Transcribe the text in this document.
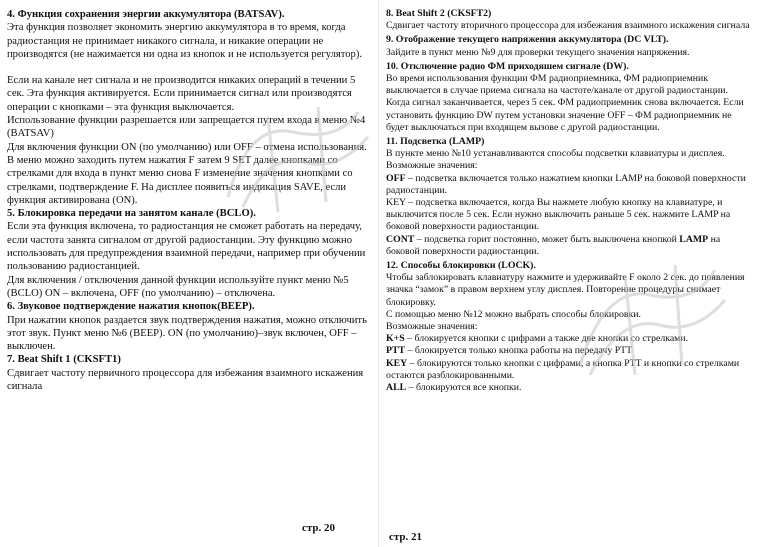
4. Функция сохранения энергии аккумулятора (BATSAV).

Эта функция позволяет экономить энергию аккумулятора в то время, когда радиостанция не принимает никакого сигнала, и никакие операции не производятся (не нажимается ни одна из кнопок и не используется регулятор).

Если на канале нет сигнала и не производится никаких операций в течении 5 сек. Эта функция активируется. Если принимается сигнал или производятся операции с кнопками – эта функция выключается.

Использование функции разрешается или запрещается путем входа в меню №4 (BATSAV)

Для включения функции ON (по умолчанию) или OFF – отмена использования.

В меню можно заходить путем нажатия F затем 9 SET далее кнопками со стрелками для входа в пункт меню снова F изменение значения кнопками со стрелками, подтверждение F. На дисплее появиться индикация SAVE, если функция активирована (ON).

5. Блокировка передачи на занятом канале (BCLO).

Если эта функция включена, то радиостанция не сможет работать на передачу, если частота занята сигналом от другой радиостанции. Эту функцию можно использовать для предупреждения взаимной передачи, например при обучении пользованию радиостанцией.

Для включения / отключения данной функции используйте пункт меню №5 (BCLO) ON – включена, OFF (по умолчанию) – отключена.

6. Звуковое подтверждение нажатия кнопок(BEEP).

При нажатии кнопок раздается звук подтверждения нажатия, можно отключить этот звук. Пункт меню №6 (BEEP). ON (по умолчанию)–звук включен, OFF – выключен.

7. Beat Shift 1 (CKSFT1)

Сдвигает частоту первичного процессора для избежания взаимного искажения сигнала

стр. 20
8. Beat Shift 2 (CKSFT2)

Сдвигает частоту вторичного процессора для избежания взаимного искажения сигнала

9. Отображение текущего напряжения аккумулятора (DC VLT).

Зайдите в пункт меню №9 для проверки текущего значения напряжения.

10. Отключение радио ФМ приходяшем сигнале (DW).

Во время использования функции ФМ радиоприемника, ФМ радиоприемник выключается в случае приема сигнала на частоте/канале от другой радиостанции. Когда сигнал заканчивается, через 5 сек. ФМ радиоприемник снова включается. Если установить функцию DW путем установки значение OFF – ФМ радиоприемник не будет выключаться при входящем вызове с другой радиостанции.

11. Подсветка (LAMP)

В пункте меню №10 устанавливаются способы подсветки клавиатуры и дисплея.

Возможные значения:

OFF – подсветка включается только нажатием кнопки LAMP на боковой поверхности радиостанции.

KEY – подсветка включается, когда Вы нажмете любую кнопку на клавиатуре, и выключится после 5 сек. Если нужно выключить раньше 5 сек. нажмите LAMP на боковой поверхности радиостанции.

CONT – подсветка горит постоянно, может быть выключена кнопкой LAMP на боковой поверхности радиостанции.

12. Способы блокировки (LOCK).

Чтобы заблокировать клавиатуру нажмите и удерживайте F около 2 сек. до появления значка “замок” в правом верхнем углу дисплея. Повторение процедуры снимает блокировку.

С помощью меню №12 можно выбрать способы блокировки.

Возможные значения:

K+S – блокируется кнопки с цифрами а также две кнопки со стрелками.

PTT – блокируется только кнопка работы на передачу PTT

KEY – блокируются только кнопки с цифрами, а кнопка PTT и кнопки со стрелками остаются разблокированными.

ALL – блокируются все кнопки.

стр. 21
